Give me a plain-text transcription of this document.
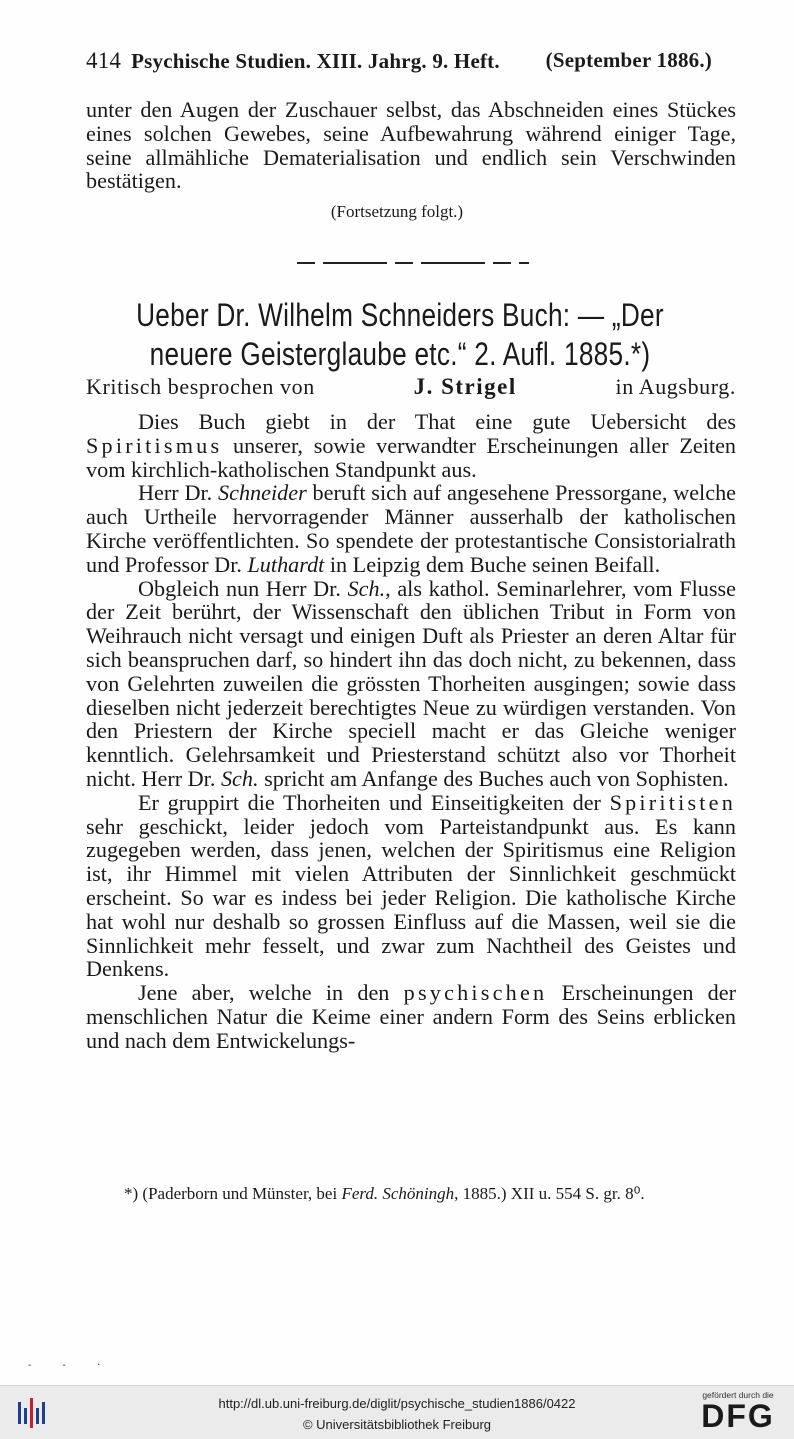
414 Psychische Studien. XIII. Jahrg. 9. Heft. (September 1886.)

unter den Augen der Zuschauer selbst, das Abschneiden eines Stückes eines solchen Gewebes, seine Aufbewahrung während einiger Tage, seine allmähliche Dematerialisation und endlich sein Verschwinden bestätigen.

(Fortsetzung folgt.)
Ueber Dr. Wilhelm Schneiders Buch: — „Der
neuere Geisterglaube etc.“ 2. Aufl. 1885.*)
Kritisch besprochen von	J. Strigel	in Augsburg.

Dies Buch giebt in der That eine gute Uebersicht des Spiritismus unserer, sowie verwandter Erscheinungen aller Zeiten vom kirchlich-katholischen Standpunkt aus.

Herr Dr. Schneider beruft sich auf angesehene Pressorgane, welche auch Urtheile hervorragender Männer ausserhalb der katholischen Kirche veröffentlichten. So spendete der protestantische Consistorialrath und Professor Dr. Luthardt in Leipzig dem Buche seinen Beifall.

Obgleich nun Herr Dr. Sch., als kathol. Seminarlehrer, vom Flusse der Zeit berührt, der Wissenschaft den üblichen Tribut in Form von Weihrauch nicht versagt und einigen Duft als Priester an deren Altar für sich beanspruchen darf, so hindert ihn das doch nicht, zu bekennen, dass von Gelehrten zuweilen die grössten Thorheiten ausgingen; sowie dass dieselben nicht jederzeit berechtigtes Neue zu würdigen verstanden. Von den Priestern der Kirche speciell macht er das Gleiche weniger kenntlich. Gelehrsamkeit und Priesterstand schützt also vor Thorheit nicht. Herr Dr. Sch. spricht am Anfange des Buches auch von Sophisten.

Er gruppirt die Thorheiten und Einseitigkeiten der Spiritisten sehr geschickt, leider jedoch vom Parteistandpunkt aus. Es kann zugegeben werden, dass jenen, welchen der Spiritismus eine Religion ist, ihr Himmel mit vielen Attributen der Sinnlichkeit geschmückt erscheint. So war es indess bei jeder Religion. Die katholische Kirche hat wohl nur deshalb so grossen Einfluss auf die Massen, weil sie die Sinnlichkeit mehr fesselt, und zwar zum Nachtheil des Geistes und Denkens.

Jene aber, welche in den psychischen Erscheinungen der menschlichen Natur die Keime einer andern Form des Seins erblicken und nach dem Entwickelungs-

*) (Paderborn und Münster, bei Ferd. Schöningh, 1885.) XII u. 554 S. gr. 8⁰.

- - ·
http://dl.ub.uni-freiburg.de/diglit/psychische_studien1886/0422
© Universitätsbibliothek Freiburg
gefördert durch die
DFG
